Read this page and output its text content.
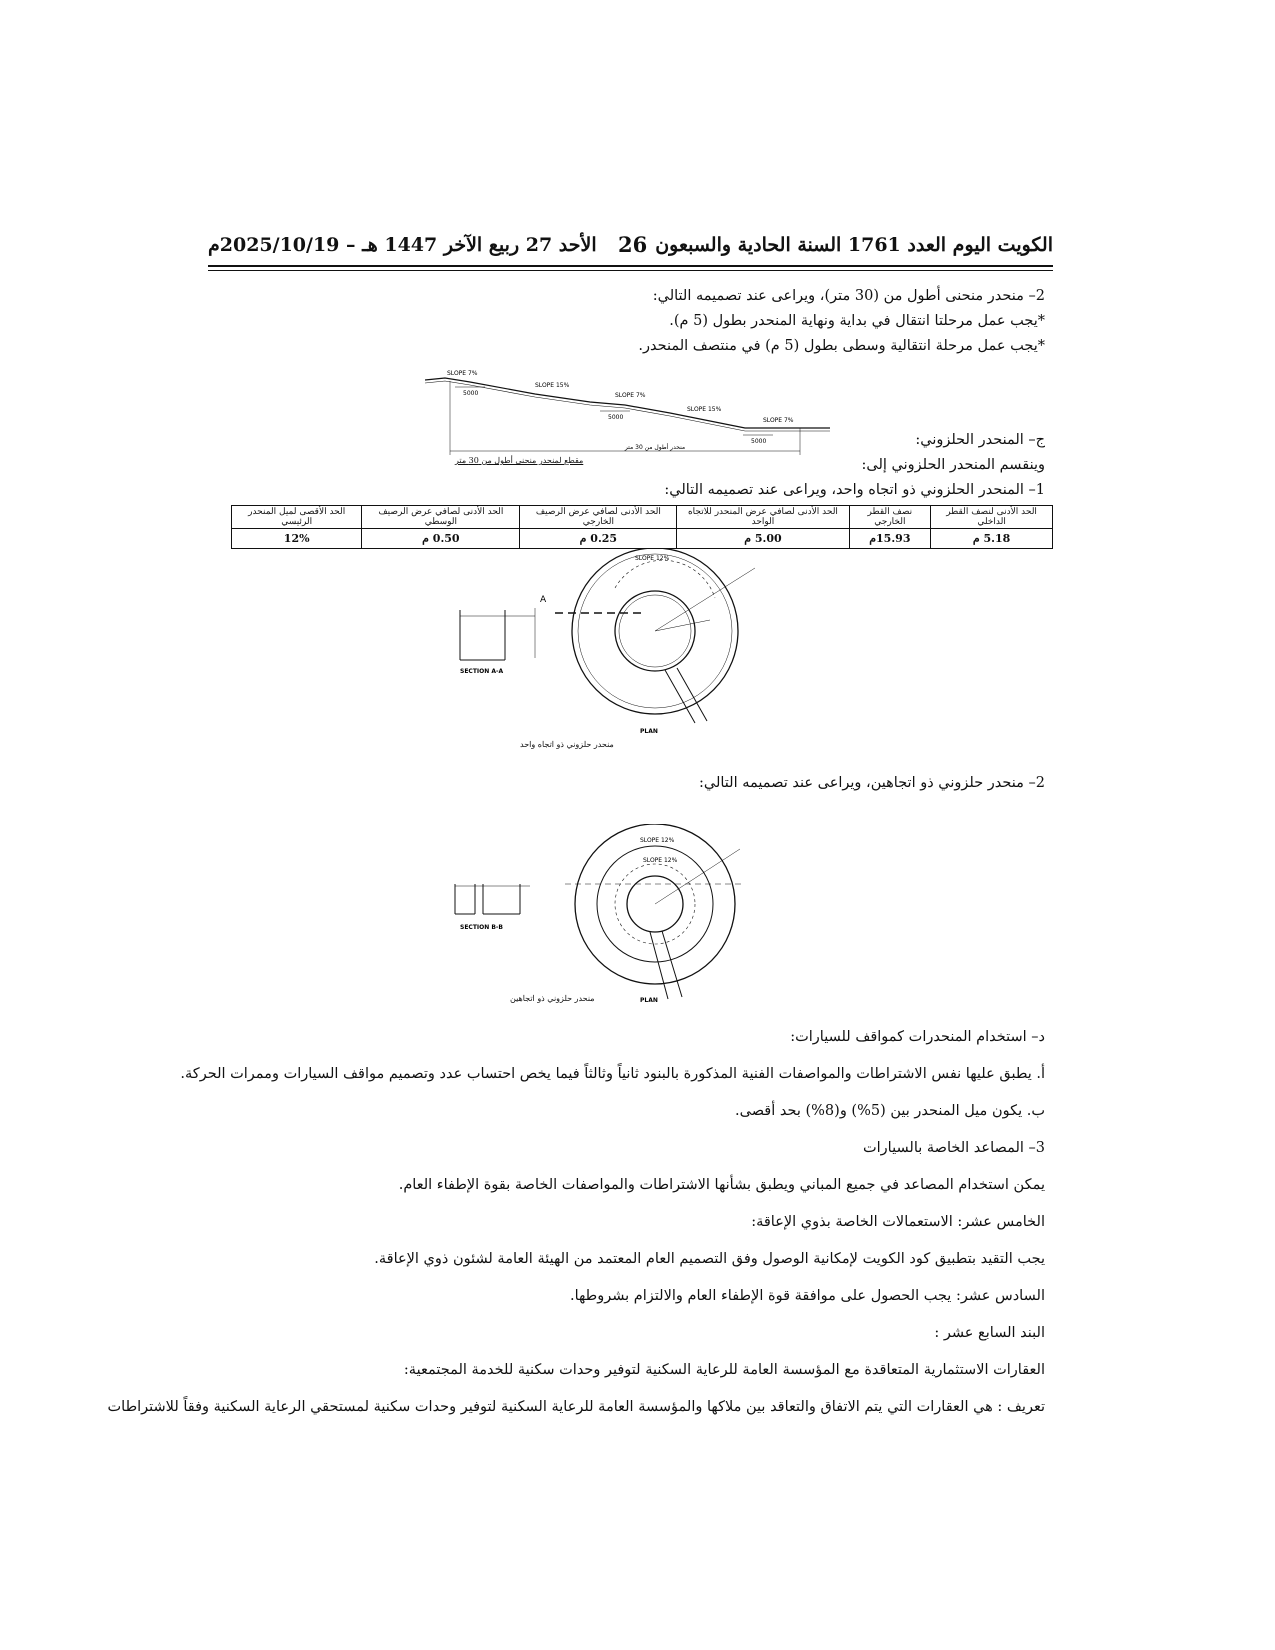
الكويت اليوم العدد 1761 السنة الحادية والسبعون
26
الأحد 27 ربيع الآخر 1447 هـ – 2025/10/19م
2– منحدر منحنى أطول من (30 متر)، ويراعى عند تصميمه التالي:
*يجب عمل مرحلتا انتقال في بداية ونهاية المنحدر بطول (5 م).
*يجب عمل مرحلة انتقالية وسطى بطول (5 م) في منتصف المنحدر.
SLOPE 7%
SLOPE 15%
SLOPE 7%
SLOPE 15%
SLOPE 7%
5000
5000
5000
منحدر أطول من 30 متر
مقطع لمنحدر منحنى أطول من 30 متر
ج– المنحدر الحلزوني:
وينقسم المنحدر الحلزوني إلى:
1– المنحدر الحلزوني ذو اتجاه واحد، ويراعى عند تصميمه التالي:
الحد الأدنى لنصف القطر الداخلي	نصف القطر الخارجي	الحد الأدنى لصافي عرض المنحدر للاتجاه الواحد	الحد الأدنى لصافي عرض الرصيف الخارجي	الحد الأدنى لصافي عرض الرصيف الوسطي	الحد الأقصى لميل المنحدر الرئيسي
5.18 م	15.93م	5.00 م	0.25 م	0.50 م	12%
SECTION A-A
A
SLOPE 12%
PLAN
منحدر حلزوني ذو اتجاه واحد
2– منحدر حلزوني ذو اتجاهين، ويراعى عند تصميمه التالي:
SECTION B-B
SLOPE 12%
SLOPE 12%
PLAN
منحدر حلزوني ذو اتجاهين
د– استخدام المنحدرات كمواقف للسيارات:
أ. يطبق عليها نفس الاشتراطات والمواصفات الفنية المذكورة بالبنود ثانياً وثالثاً فيما يخص احتساب عدد وتصميم مواقف السيارات وممرات الحركة.
ب. يكون ميل المنحدر بين (5%) و(8%) بحد أقصى.
3– المصاعد الخاصة بالسيارات
يمكن استخدام المصاعد في جميع المباني ويطبق بشأنها الاشتراطات والمواصفات الخاصة بقوة الإطفاء العام.
الخامس عشر: الاستعمالات الخاصة بذوي الإعاقة:
يجب التقيد بتطبيق كود الكويت لإمكانية الوصول وفق التصميم العام المعتمد من الهيئة العامة لشئون ذوي الإعاقة.
السادس عشر: يجب الحصول على موافقة قوة الإطفاء العام والالتزام بشروطها.
البند السابع عشر :
العقارات الاستثمارية المتعاقدة مع المؤسسة العامة للرعاية السكنية لتوفير وحدات سكنية للخدمة المجتمعية:
تعريف : هي العقارات التي يتم الاتفاق والتعاقد بين ملاكها والمؤسسة العامة للرعاية السكنية لتوفير وحدات سكنية لمستحقي الرعاية السكنية وفقاً للاشتراطات
